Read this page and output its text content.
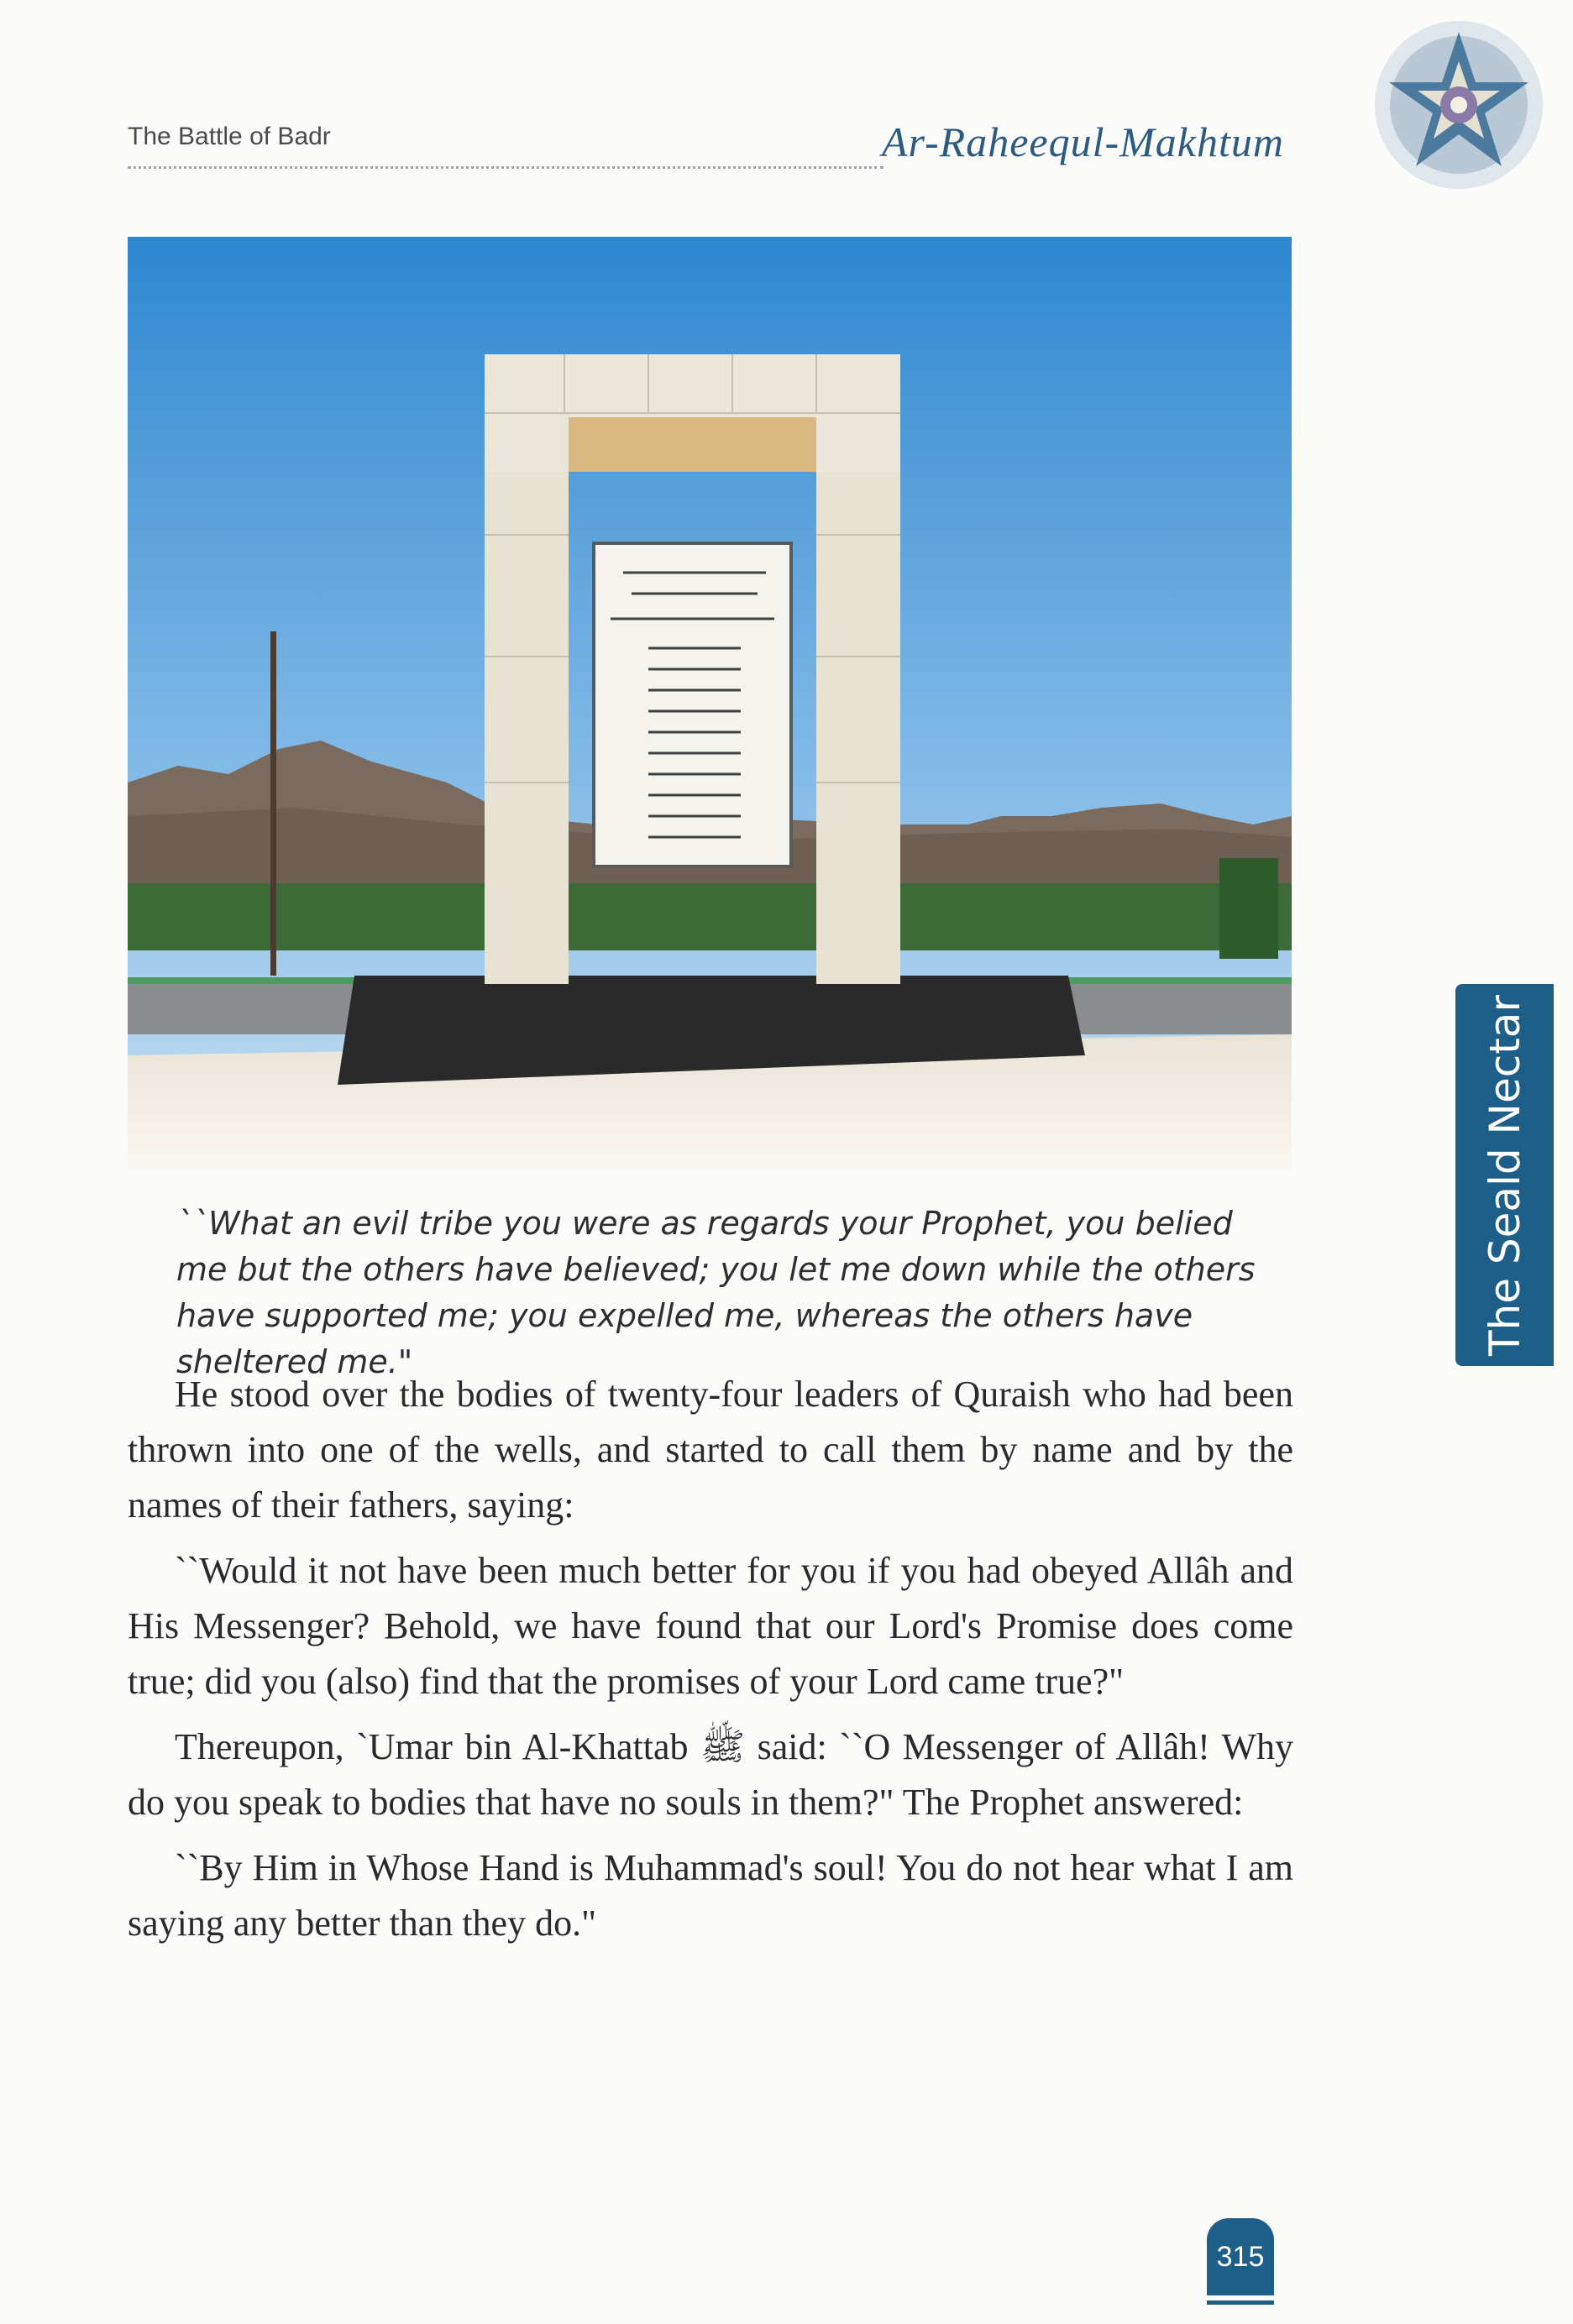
The Battle of Badr	Ar-Raheequl-Makhtum
``What an evil tribe you were as regards your Prophet, you belied me but the others have believed; you let me down while the others have supported me; you expelled me, whereas the others have sheltered me."

He stood over the bodies of twenty-four leaders of Quraish who had been thrown into one of the wells, and started to call them by name and by the names of their fathers, saying:

``Would it not have been much better for you if you had obeyed Allâh and His Messenger? Behold, we have found that our Lord's Promise does come true; did you (also) find that the promises of your Lord came true?"

Thereupon, `Umar bin Al-Khattab ﷺ said: ``O Messenger of Allâh! Why do you speak to bodies that have no souls in them?" The Prophet answered:

``By Him in Whose Hand is Muhammad's soul! You do not hear what I am saying any better than they do."

The Seald Nectar
315
